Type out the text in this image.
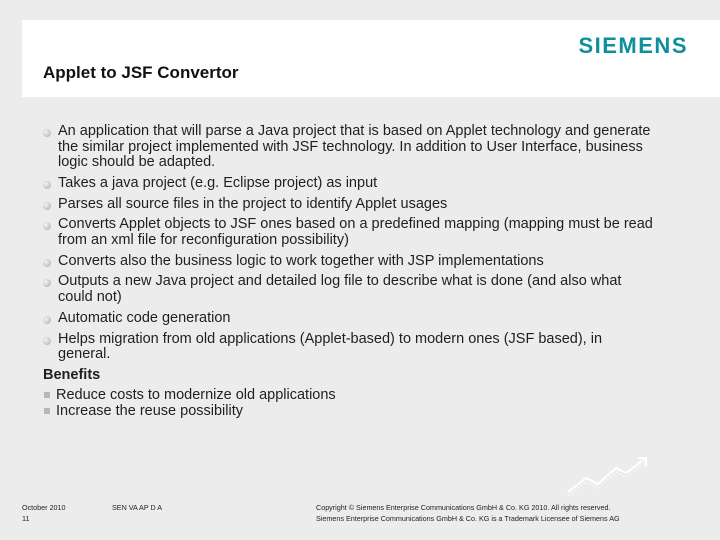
SIEMENS
Applet to JSF Convertor
An application that will parse a Java project that is based on Applet technology and generate the similar project implemented with JSF technology. In addition to User Interface, business logic should be adapted.
Takes a java project (e.g. Eclipse project) as input
Parses all source files in the project to identify Applet usages
Converts Applet objects to JSF ones based on a predefined mapping (mapping must be read from an xml file for reconfiguration possibility)
Converts also the business logic to work together with JSP implementations
Outputs a new Java project and detailed log file to describe what is done (and also what could not)
Automatic code generation
Helps migration from old applications (Applet-based) to modern ones (JSF based), in general.
Benefits
Reduce costs to modernize old applications
Increase the reuse possibility
October 2010
11
SEN VA AP D A	Copyright © Siemens Enterprise Communications GmbH & Co. KG 2010. All rights reserved.
Siemens Enterprise Communications GmbH & Co. KG is a Trademark Licensee of Siemens AG
